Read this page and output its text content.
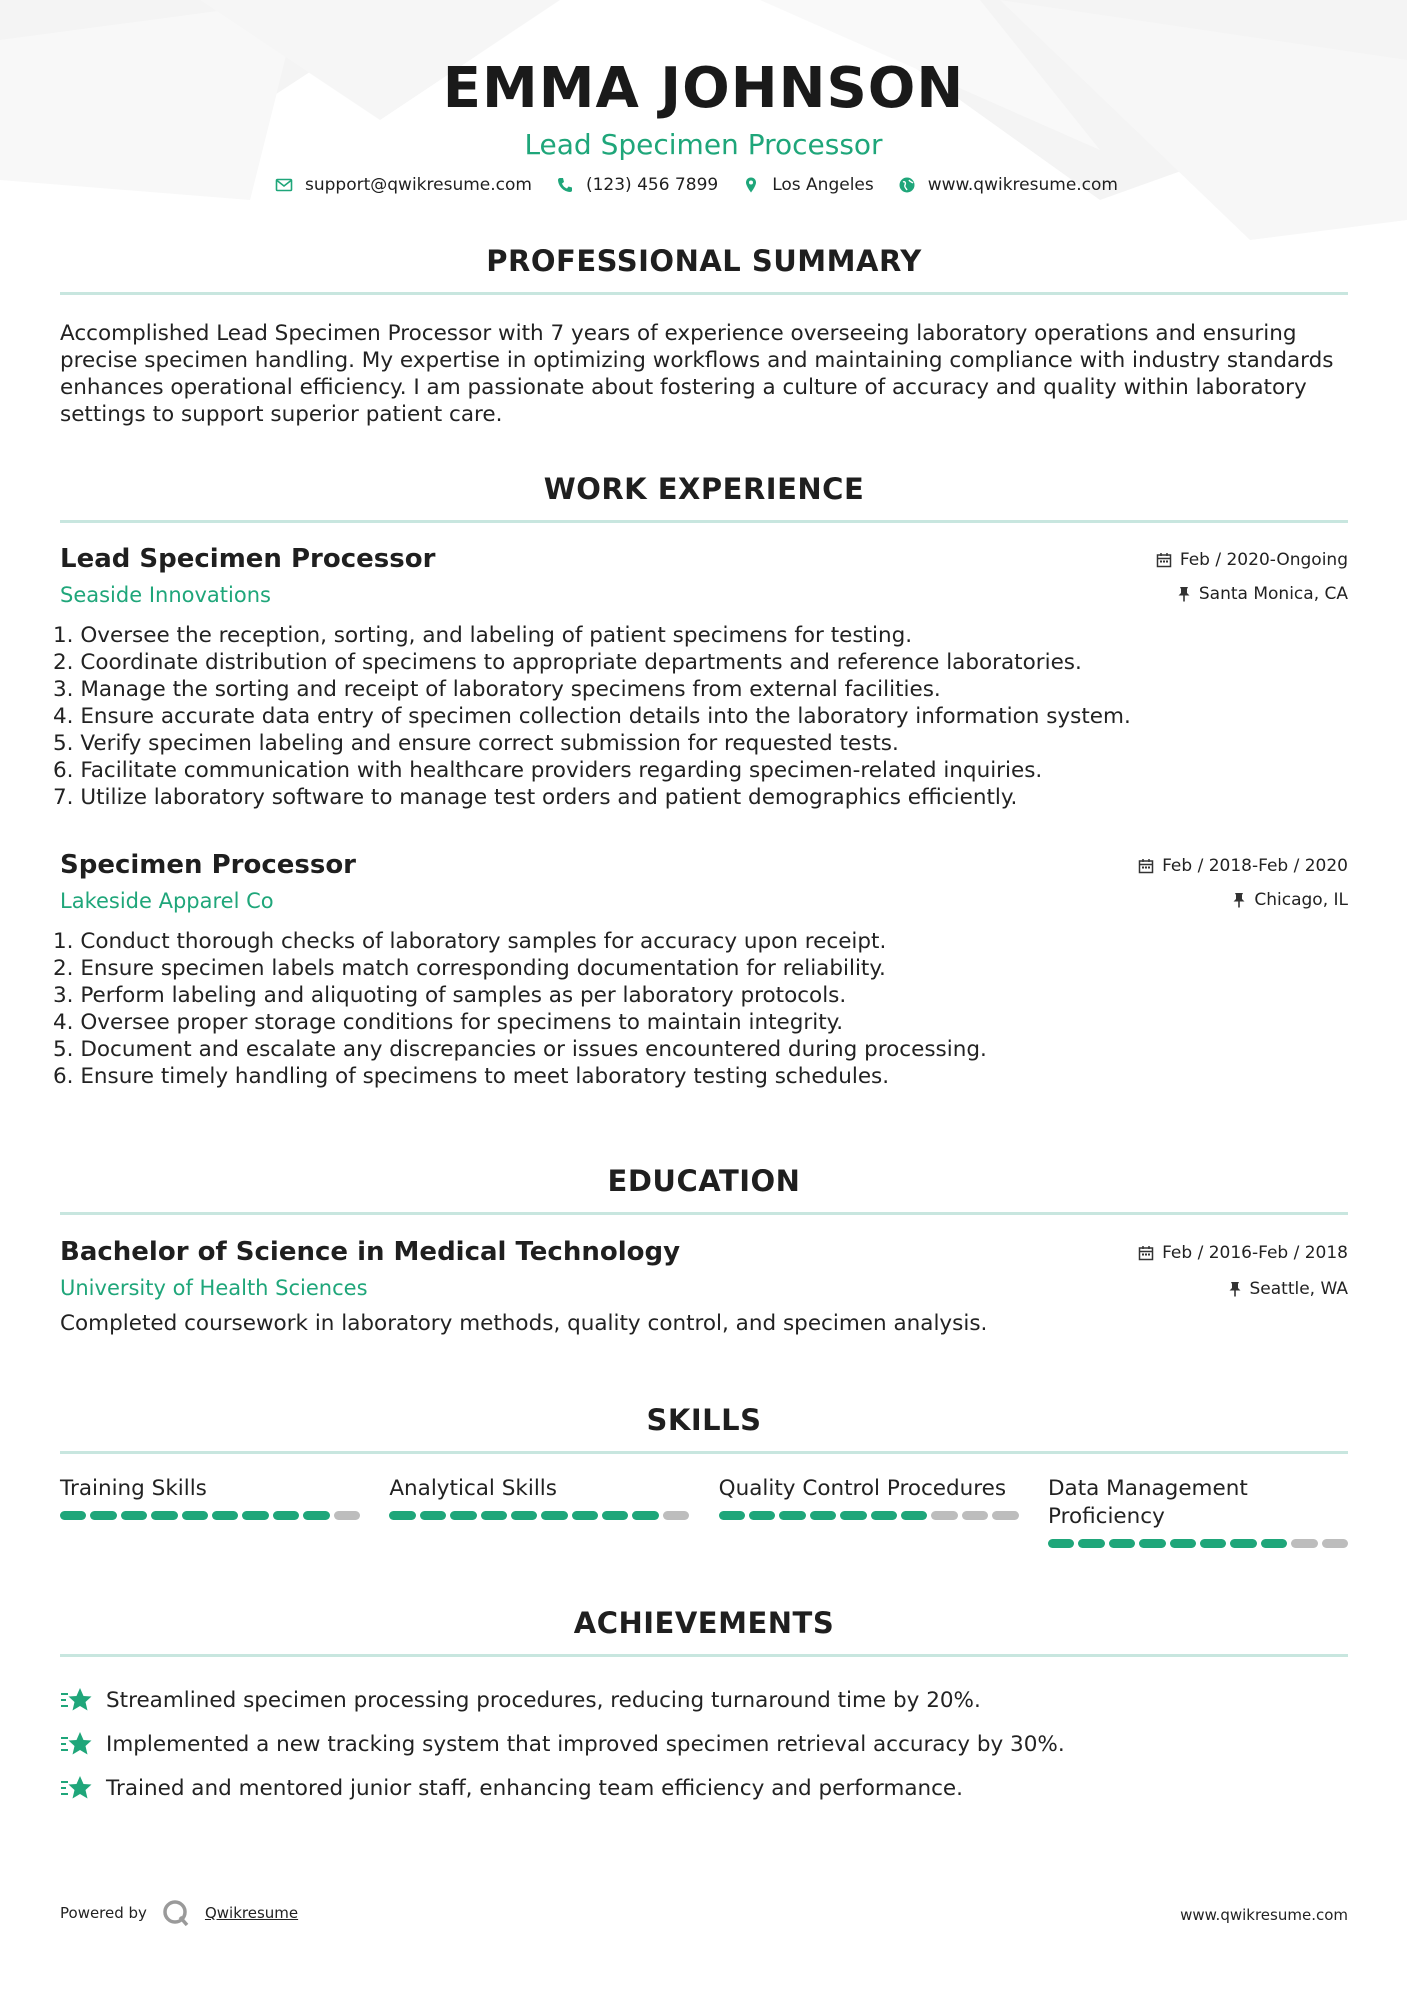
EMMA JOHNSON
Lead Specimen Processor
support@qwikresume.com	(123) 456 7899	Los Angeles	www.qwikresume.com
PROFESSIONAL SUMMARY

Accomplished Lead Specimen Processor with 7 years of experience overseeing laboratory operations and ensuring precise specimen handling. My expertise in optimizing workflows and maintaining compliance with industry standards enhances operational efficiency. I am passionate about fostering a culture of accuracy and quality within laboratory settings to support superior patient care.

WORK EXPERIENCE
Lead Specimen Processor	Feb / 2020-Ongoing
Seaside Innovations	Santa Monica, CA
1. Oversee the reception, sorting, and labeling of patient specimens for testing.
2. Coordinate distribution of specimens to appropriate departments and reference laboratories.
3. Manage the sorting and receipt of laboratory specimens from external facilities.
4. Ensure accurate data entry of specimen collection details into the laboratory information system.
5. Verify specimen labeling and ensure correct submission for requested tests.
6. Facilitate communication with healthcare providers regarding specimen-related inquiries.
7. Utilize laboratory software to manage test orders and patient demographics efficiently.
Specimen Processor	Feb / 2018-Feb / 2020
Lakeside Apparel Co	Chicago, IL
1. Conduct thorough checks of laboratory samples for accuracy upon receipt.
2. Ensure specimen labels match corresponding documentation for reliability.
3. Perform labeling and aliquoting of samples as per laboratory protocols.
4. Oversee proper storage conditions for specimens to maintain integrity.
5. Document and escalate any discrepancies or issues encountered during processing.
6. Ensure timely handling of specimens to meet laboratory testing schedules.
EDUCATION
Bachelor of Science in Medical Technology	Feb / 2016-Feb / 2018
University of Health Sciences	Seattle, WA
Completed coursework in laboratory methods, quality control, and specimen analysis.
SKILLS
Training Skills	Analytical Skills	Quality Control Procedures	Data Management Proficiency
ACHIEVEMENTS
Streamlined specimen processing procedures, reducing turnaround time by 20%.
Implemented a new tracking system that improved specimen retrieval accuracy by 30%.
Trained and mentored junior staff, enhancing team efficiency and performance.
Powered by	Qwikresume	www.qwikresume.com
